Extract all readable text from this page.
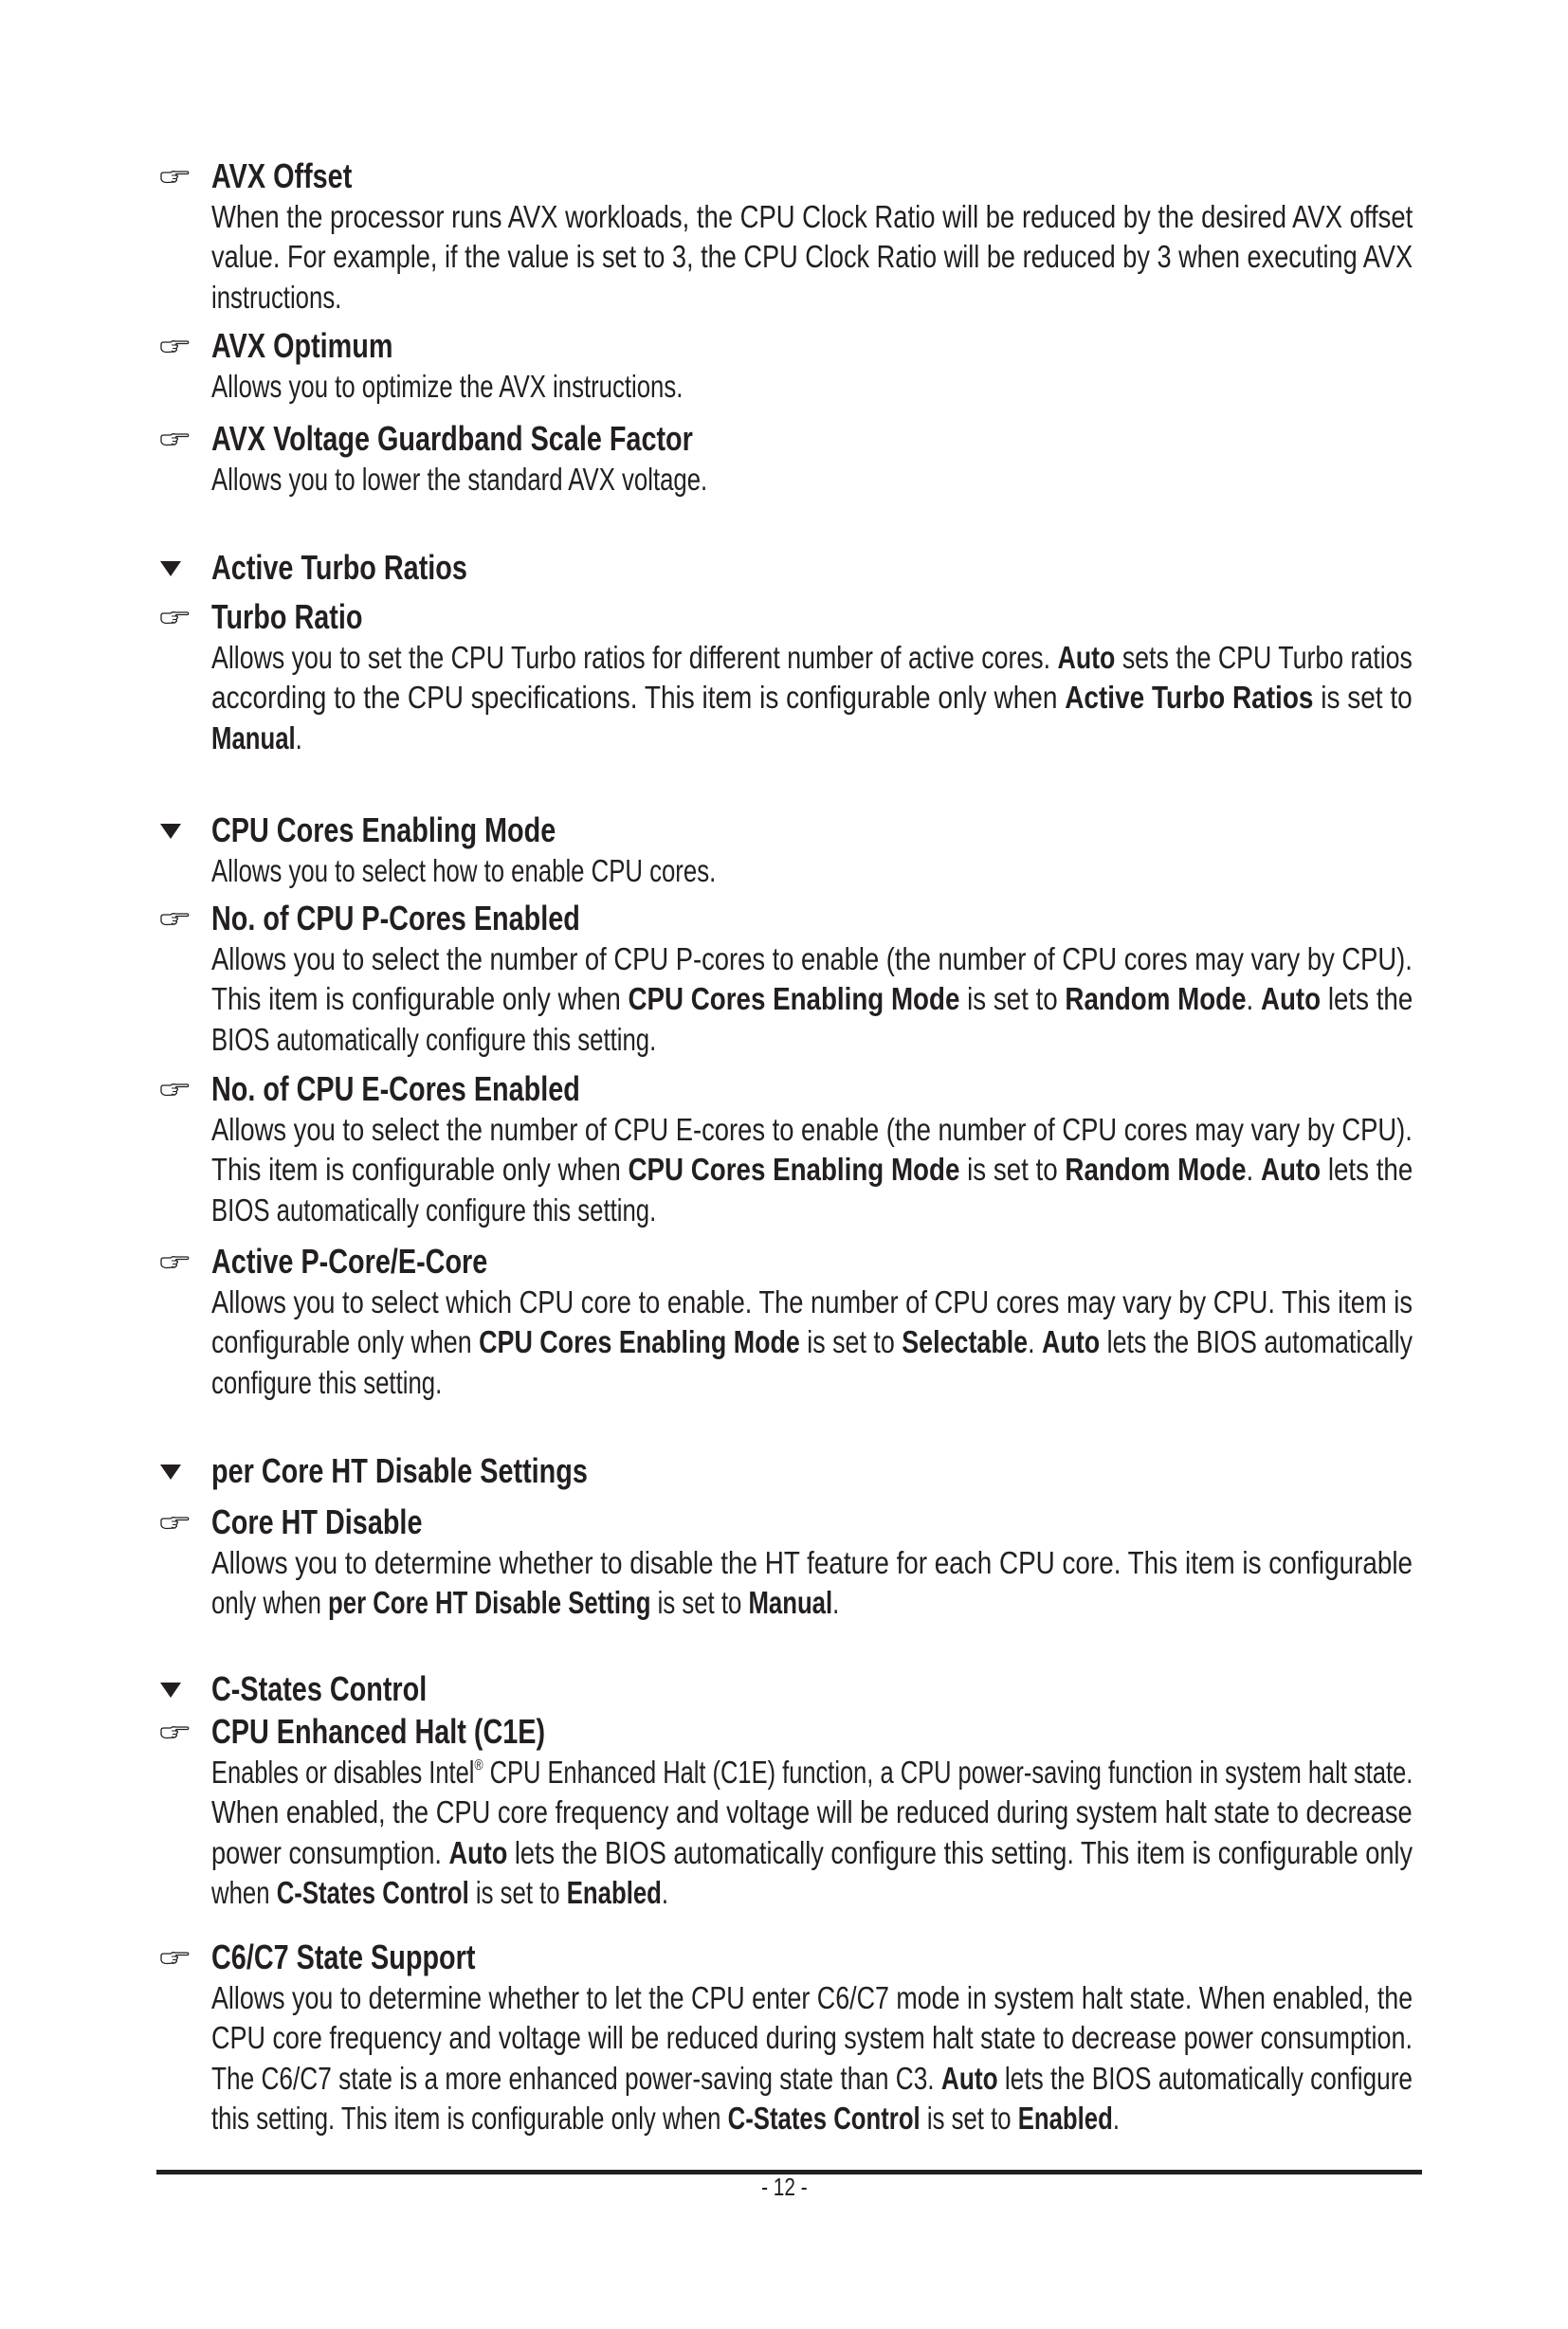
AVX Offset
When the processor runs AVX workloads, the CPU Clock Ratio will be reduced by the desired AVX offset
value. For example, if the value is set to 3, the CPU Clock Ratio will be reduced by 3 when executing AVX
instructions.
AVX Optimum
Allows you to optimize the AVX instructions.
AVX Voltage Guardband Scale Factor
Allows you to lower the standard AVX voltage.
Active Turbo Ratios
Turbo Ratio
Allows you to set the CPU Turbo ratios for different number of active cores. Auto sets the CPU Turbo ratios
according to the CPU specifications. This item is configurable only when Active Turbo Ratios is set to
Manual.
CPU Cores Enabling Mode
Allows you to select how to enable CPU cores.
No. of CPU P-Cores Enabled
Allows you to select the number of CPU P-cores to enable (the number of CPU cores may vary by CPU).
This item is configurable only when CPU Cores Enabling Mode is set to Random Mode. Auto lets the
BIOS automatically configure this setting.
No. of CPU E-Cores Enabled
Allows you to select the number of CPU E-cores to enable (the number of CPU cores may vary by CPU).
This item is configurable only when CPU Cores Enabling Mode is set to Random Mode. Auto lets the
BIOS automatically configure this setting.
Active P-Core/E-Core
Allows you to select which CPU core to enable. The number of CPU cores may vary by CPU. This item is
configurable only when CPU Cores Enabling Mode is set to Selectable. Auto lets the BIOS automatically
configure this setting.
per Core HT Disable Settings
Core HT Disable
Allows you to determine whether to disable the HT feature for each CPU core. This item is configurable
only when per Core HT Disable Setting is set to Manual.
C-States Control
CPU Enhanced Halt (C1E)
Enables or disables Intel® CPU Enhanced Halt (C1E) function, a CPU power-saving function in system halt state.
When enabled, the CPU core frequency and voltage will be reduced during system halt state to decrease
power consumption. Auto lets the BIOS automatically configure this setting. This item is configurable only
when C-States Control is set to Enabled.
C6/C7 State Support
Allows you to determine whether to let the CPU enter C6/C7 mode in system halt state. When enabled, the
CPU core frequency and voltage will be reduced during system halt state to decrease power consumption.
The C6/C7 state is a more enhanced power-saving state than C3. Auto lets the BIOS automatically configure
this setting. This item is configurable only when C-States Control is set to Enabled.
- 12 -
